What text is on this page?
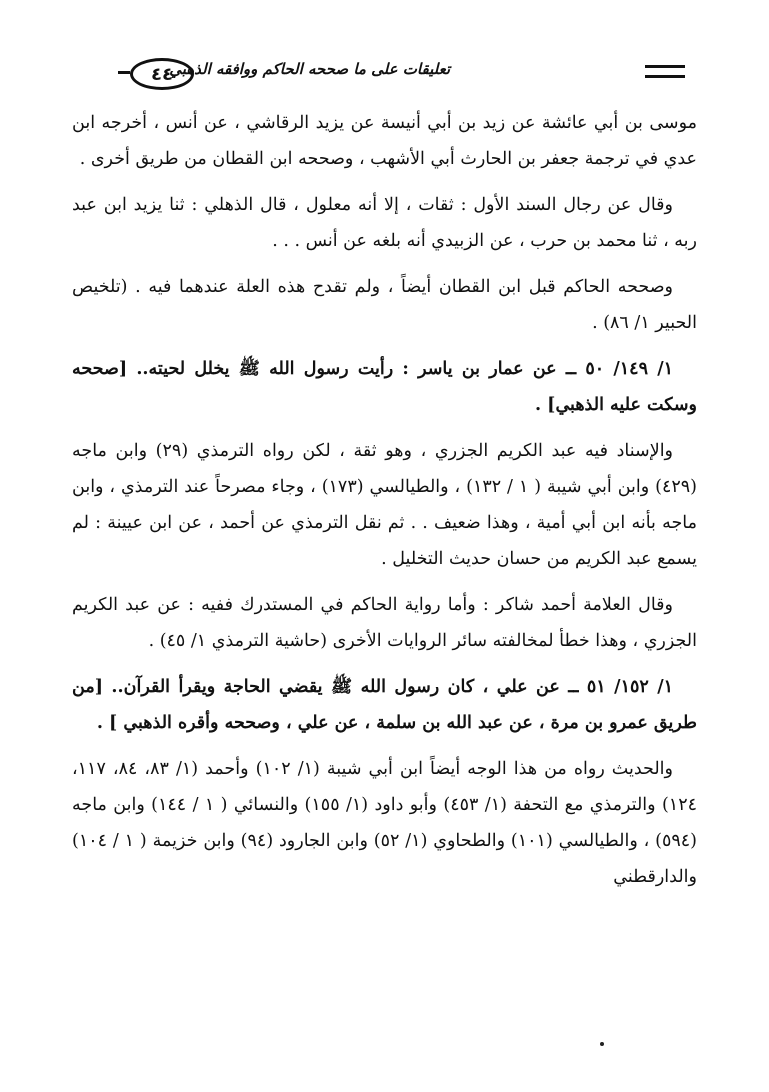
٤٤
تعليقات على ما صححه الحاكم ووافقه الذهبي

موسى بن أبي عائشة عن زيد بن أبي أنيسة عن يزيد الرقاشي ، عن أنس ، أخرجه ابن عدي في ترجمة جعفر بن الحارث أبي الأشهب ، وصححه ابن القطان من طريق أخرى .

وقال عن رجال السند الأول : ثقات ، إلا أنه معلول ، قال الذهلي : ثنا يزيد ابن عبد ربه ، ثنا محمد بن حرب ، عن الزبيدي أنه بلغه عن أنس . . .

وصححه الحاكم قبل ابن القطان أيضاً ، ولم تقدح هذه العلة عندهما فيه . (تلخيص الحبير ١/ ٨٦) .

١/ ١٤٩/ ٥٠ ــ عن عمار بن ياسر : رأيت رسول الله ﷺ يخلل لحيته.. [صححه وسكت عليه الذهبي] .

والإسناد فيه عبد الكريم الجزري ، وهو ثقة ، لكن رواه الترمذي (٢٩) وابن ماجه (٤٢٩) وابن أبي شيبة ( ١ / ١٣٢) ، والطيالسي (١٧٣) ، وجاء مصرحاً عند الترمذي ، وابن ماجه بأنه ابن أبي أمية ، وهذا ضعيف . . ثم نقل الترمذي عن أحمد ، عن ابن عيينة : لم يسمع عبد الكريم من حسان حديث التخليل .

وقال العلامة أحمد شاكر : وأما رواية الحاكم في المستدرك ففيه : عن عبد الكريم الجزري ، وهذا خطأ لمخالفته سائر الروايات الأخرى (حاشية الترمذي ١/ ٤٥) .

١/ ١٥٢/ ٥١ ــ عن علي ، كان رسول الله ﷺ يقضي الحاجة ويقرأ القرآن.. [من طريق عمرو بن مرة ، عن عبد الله بن سلمة ، عن علي ، وصححه وأقره الذهبي ] .

والحديث رواه من هذا الوجه أيضاً ابن أبي شيبة (١/ ١٠٢) وأحمد (١/ ٨٣، ٨٤، ١١٧، ١٢٤) والترمذي مع التحفة (١/ ٤٥٣) وأبو داود (١/ ١٥٥) والنسائي ( ١ / ١٤٤) وابن ماجه (٥٩٤) ، والطيالسي (١٠١) والطحاوي (١/ ٥٢) وابن الجارود (٩٤) وابن خزيمة ( ١ / ١٠٤) والدارقطني
